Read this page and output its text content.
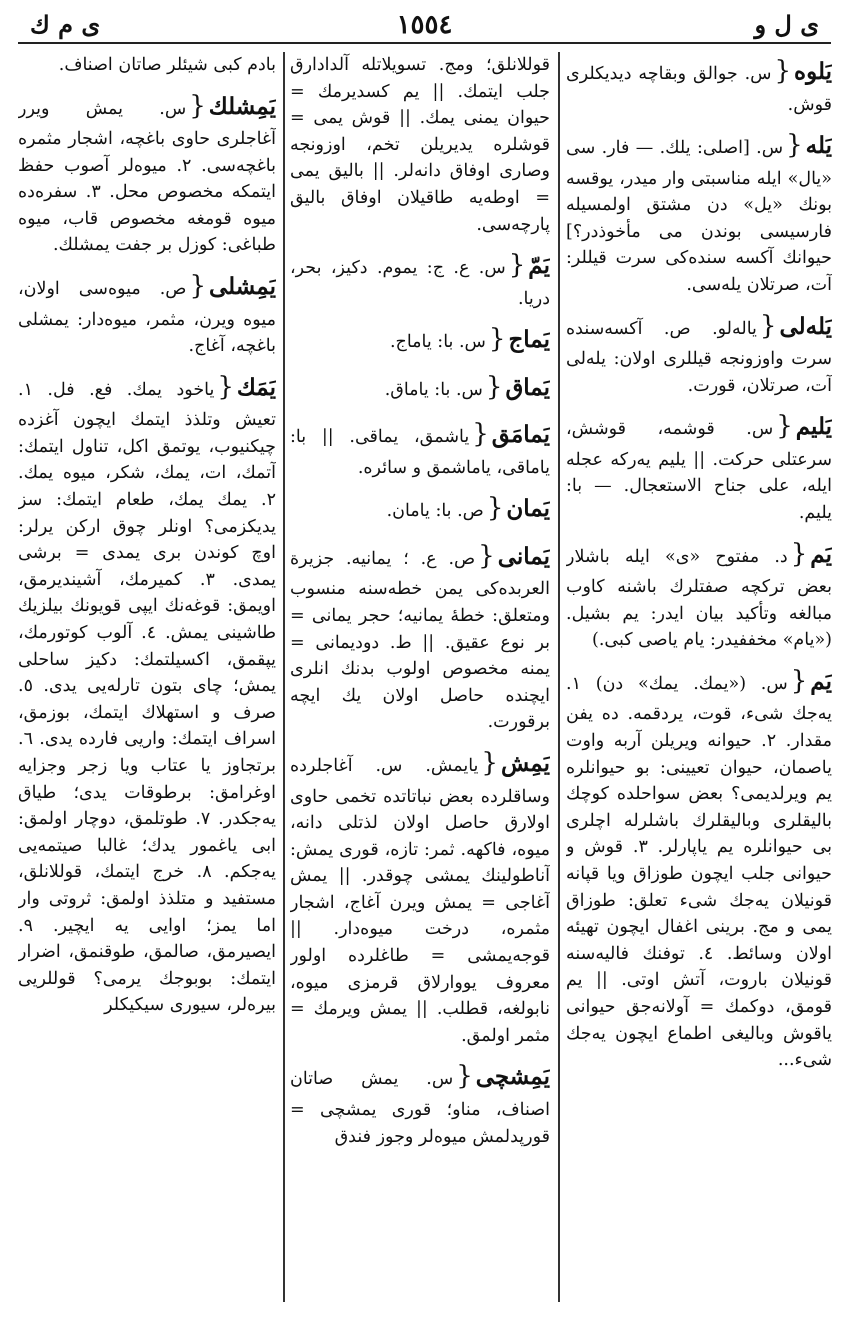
ی ل و
١٥٥٤
ی م ك

یَلوه{س. جوالق وبقاچه دیدیكلری قوش.

یَله{س. [اصلی: یلك. — فار. سی «یال» ایله مناسبتی وار میدر، یوقسه بونك «یل» دن مشتق اولمسیله فارسیسی بوندن می مأخوذدر؟] حیوانك آكسه سنده‌کی سرت قیللر: آت، صرتلان یله‌سی.

یَله‌لی{یاله‌لو. ص. آكسه‌سنده سرت واوزونجه قیللری اولان: یله‌لی آت، صرتلان، قورت.

یَلیم{س. قوشمه، قوشش، سرعتلی حركت. || یلیم یه‌ركه عجله ایله، علی جناح الاستعجال. — با: یلیم.

یَم{د. مفتوح «ی» ایله باشلار بعض تركچه صفتلرك باشنه كاوب مبالغه وتأكید بیان ایدر: یم بشیل. («یام» مخففیدر: یام یاصی كبی.)

یَم{س. («یمك. یمك» دن) ١. یه‌جك شیء، قوت، یردقمه. ده یفن مقدار. ٢. حیوانه ویریلن آربه واوت یاصمان، حیوان تعیینی: بو حیوانلره یم ویرلدیمی؟ بعض سواحلده كوچك بالیقلری وبالیقلرك باشلرله اچلری بی حیوانلره یم یاپارلر. ٣. قوش و حیوانی جلب ایچون طوزاق ویا قپانه قونیلان یه‌جك شیء تعلق: طوزاق یمی و مج. برینی اغفال ایچون تهیئه اولان وسائط. ٤. توفنك فالیه‌سنه قونیلان باروت، آتش اوتی. || یم قومق، دوكمك = آولانه‌جق حیوانی یاقوش وبالیغی اطماع ایچون یه‌جك شیء...

قوللانلق؛ ومج. تسویلاتله آلدادارق جلب ایتمك. || یم كسدیرمك = حیوان یمنی یمك. || قوش یمی = قوشلره یدیریلن تخم، اوزونجه وصاری اوفاق دانه‌لر. || بالیق یمی = اوطه‌یه طاقیلان اوفاق بالیق پارچه‌سی.

یَمّ{س. ع. ج: یموم. دكیز، بحر، دریا.

یَماج{س. با: یاماج.

یَماق{س. با: یاماق.

یَمامَق{یاشمق، یماقی. || با: یاماقی، یاماشمق و سائره.

یَمان{ص. با: یامان.

یَمانی{ص. ع. ؛ یمانیه. جزیرة العربده‌كی یمن خطه‌سنه منسوب ومتعلق: خطهٔ یمانیه؛ حجر یمانی = بر نوع عقیق. || ط. دودیمانی = یمنه مخصوص اولوب بدنك انلری ایچنده حاصل اولان یك ایچه برقورت.

یَمِش{یایمش. س. آغاجلرده وساقلرده بعض نباتاتده تخمی حاوی اولارق حاصل اولان لذتلی دانه، میوه، فاكهه. ثمر: تازه، قوری یمش: آناطولینك یمشی چوقدر. || یمش آغاجی = یمش ویرن آغاج، اشجار مثمره، درخت میوه‌دار. || قوجه‌یمشی = طاغلرده اولور معروف یووارلاق قرمزی میوه، نابولغه، قطلب. || یمش ویرمك = مثمر اولمق.

یَمِشچی{س. یمش صاتان اصناف، مناو؛ قوری یمشچی = قورپدلمش میوه‌لر وجوز فندق

بادم كبی شیئلر صاتان اصناف.

یَمِشلك{س. یمش ویرر آغاجلری حاوی باغچه، اشجار مثمره باغچه‌سی. ٢. میوه‌لر آصوب حفظ ایتمكه مخصوص محل. ٣. سفره‌ده میوه قومغه مخصوص قاب، میوه طباغی: كوزل بر جفت یمشلك.

یَمِشلی{ص. میوه‌سی اولان، میوه ویرن، مثمر، میوه‌دار: یمشلی باغچه، آغاج.

یَمَك{یاخود یمك. فع. فل. ١. تعیش وتلذذ ایتمك ایچون آغزده چیكنیوب، یوتمق اكل، تناول ایتمك: آتمك، ات، یمك، شكر، میوه یمك. ٢. یمك یمك، طعام ایتمك: سز یدیكزمی؟ اونلر چوق اركن یرلر: اوچ كوندن بری یمدی = برشی یمدی. ٣. كمیرمك، آشیندیرمق، اویمق: قوغه‌نك ایپی قویونك بیلزیك طاشینی یمش. ٤. آلوب كوتورمك، یپقمق، اكسیلتمك: دكیز ساحلی یمش؛ چای بتون تارله‌یی یدی. ٥. صرف و استهلاك ایتمك، بوزمق، اسراف ایتمك: واریی فارده یدی. ٦. برتجاوز یا عتاب ویا زجر وجزایه اوغرامق: برطوقات یدی؛ طیاق یه‌جكدر. ٧. طوتلمق، دوچار اولمق: ابی یاغمور یدك؛ غالبا صیتمه‌یی یه‌جكم. ٨. خرج ایتمك، قوللانلق، مستفید و متلذذ اولمق: ثروتی وار اما یمز؛ اوایی یه ایچیر. ٩. ایصیرمق، صالمق، طوقنمق، اضرار ایتمك: بوبوجك یرمی؟ قوللریی بیره‌لر، سیوری سیكیكلر
